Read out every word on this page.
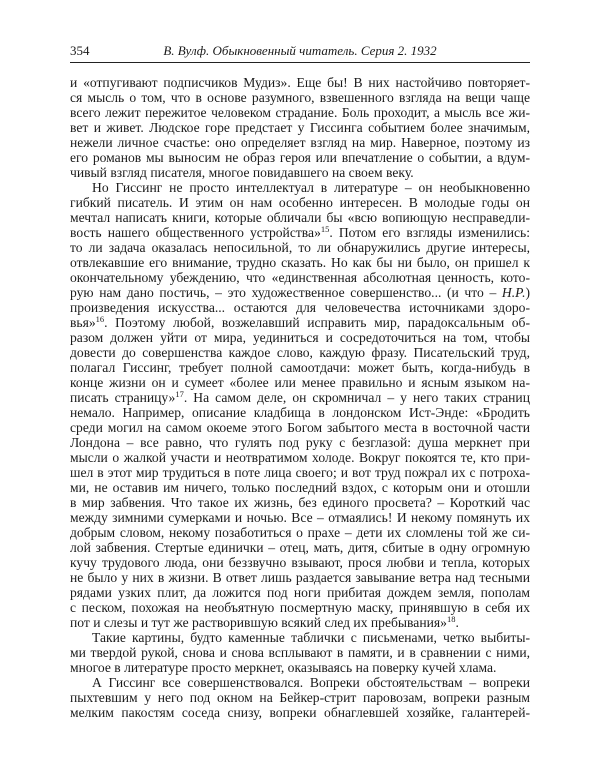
354	В. Вулф. Обыкновенный читатель. Серия 2. 1932
и «отпугивают подписчиков Мудиз». Еще бы! В них настойчиво повторяет-
ся мысль о том, что в основе разумного, взвешенного взгляда на вещи чаще
всего лежит пережитое человеком страдание. Боль проходит, а мысль все жи-
вет и живет. Людское горе предстает у Гиссинга событием более значимым,
нежели личное счастье: оно определяет взгляд на мир. Наверное, поэтому из
его романов мы выносим не образ героя или впечатление о событии, а вдум-
чивый взгляд писателя, многое повидавшего на своем веку.
Но Гиссинг не просто интеллектуал в литературе – он необыкновенно
гибкий писатель. И этим он нам особенно интересен. В молодые годы он
мечтал написать книги, которые обличали бы «всю вопиющую несправедли-
вость нашего общественного устройства»$^{15}$. Потом его взгляды изменились:
то ли задача оказалась непосильной, то ли обнаружились другие интересы,
отвлекавшие его внимание, трудно сказать. Но как бы ни было, он пришел к
окончательному убеждению, что «единственная абсолютная ценность, кото-
рую нам дано постичь, – это художественное совершенство... (и что – Н.Р.)
произведения искусства... остаются для человечества источниками здоро-
вья»$^{16}$. Поэтому любой, возжелавший исправить мир, парадоксальным об-
разом должен уйти от мира, уединиться и сосредоточиться на том, чтобы
довести до совершенства каждое слово, каждую фразу. Писательский труд,
полагал Гиссинг, требует полной самоотдачи: может быть, когда-нибудь в
конце жизни он и сумеет «более или менее правильно и ясным языком на-
писать страницу»$^{17}$. На самом деле, он скромничал – у него таких страниц
немало. Например, описание кладбища в лондонском Ист-Энде: «Бродить
среди могил на самом окоеме этого Богом забытого места в восточной части
Лондона – все равно, что гулять под руку с безглазой: душа меркнет при
мысли о жалкой участи и неотвратимом холоде. Вокруг покоятся те, кто при-
шел в этот мир трудиться в поте лица своего; и вот труд пожрал их с потроха-
ми, не оставив им ничего, только последний вздох, с которым они и отошли
в мир забвения. Что такое их жизнь, без единого просвета? – Короткий час
между зимними сумерками и ночью. Все – отмаялись! И некому помянуть их
добрым словом, некому позаботиться о прахе – дети их сломлены той же си-
лой забвения. Стертые единички – отец, мать, дитя, сбитые в одну огромную
кучу трудового люда, они беззвучно взывают, прося любви и тепла, которых
не было у них в жизни. В ответ лишь раздается завывание ветра над тесными
рядами узких плит, да ложится под ноги прибитая дождем земля, пополам
с песком, похожая на необъятную посмертную маску, принявшую в себя их
пот и слезы и тут же растворившую всякий след их пребывания»$^{18}$.
Такие картины, будто каменные таблички с письменами, четко выбиты-
ми твердой рукой, снова и снова всплывают в памяти, и в сравнении с ними,
многое в литературе просто меркнет, оказываясь на поверку кучей хлама.
А Гиссинг все совершенствовался. Вопреки обстоятельствам – вопреки
пыхтевшим у него под окном на Бейкер-стрит паровозам, вопреки разным
мелким пакостям соседа снизу, вопреки обнаглевшей хозяйке, галантерей-
